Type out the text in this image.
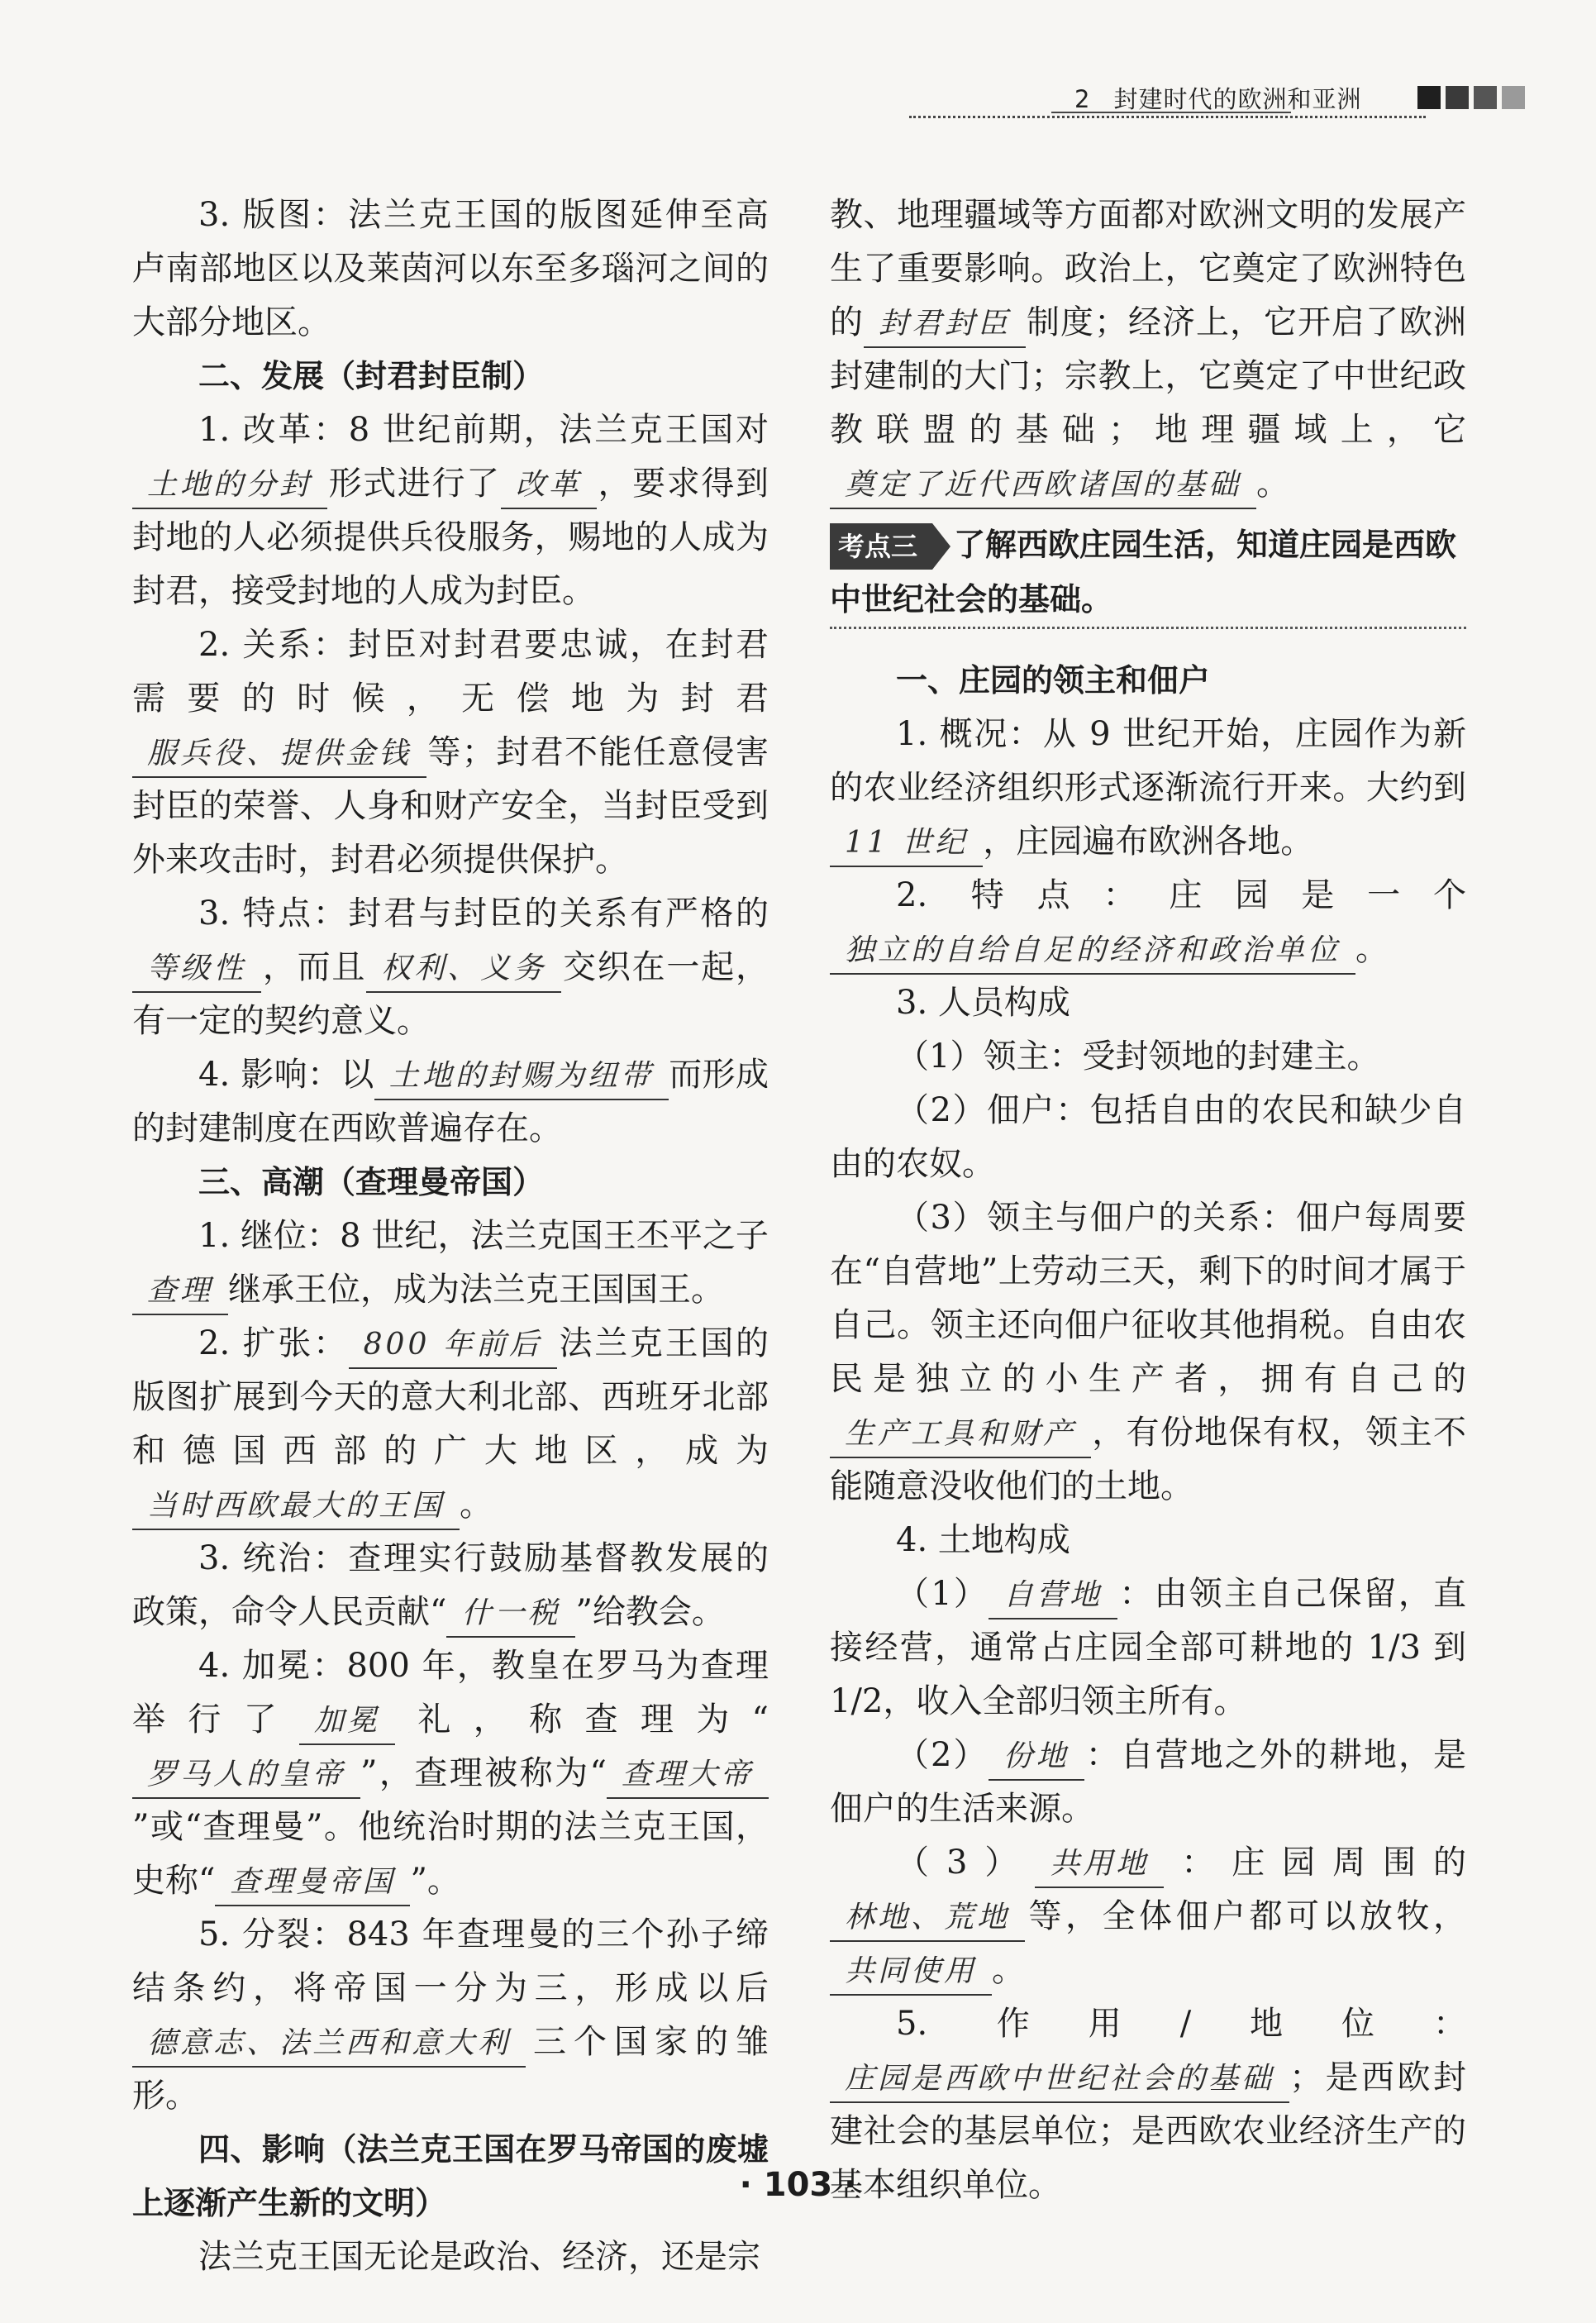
2 封建时代的欧洲和亚洲

3. 版图：法兰克王国的版图延伸至高卢南部地区以及莱茵河以东至多瑙河之间的大部分地区。

二、发展（封君封臣制）

1. 改革：8 世纪前期，法兰克王国对土地的分封 形式进行了 改革 ，要求得到封地的人必须提供兵役服务，赐地的人成为封君，接受封地的人成为封臣。

2. 关系：封臣对封君要忠诚，在封君需要的时候，无偿地为封君服兵役、提供金钱 等；封君不能任意侵害封臣的荣誉、人身和财产安全，当封臣受到外来攻击时，封君必须提供保护。

3. 特点：封君与封臣的关系有严格的等级性 ，而且 权利、义务 交织在一起，有一定的契约意义。

4. 影响：以 土地的封赐为纽带 而形成的封建制度在西欧普遍存在。

三、高潮（查理曼帝国）

1. 继位：8 世纪，法兰克国王丕平之子查理 继承王位，成为法兰克王国国王。

2. 扩张： 800 年前后 法兰克王国的版图扩展到今天的意大利北部、西班牙北部和德国西部的广大地区，成为当时西欧最大的王国 。

3. 统治：查理实行鼓励基督教发展的政策，命令人民贡献“ 什一税 ”给教会。

4. 加冕：800 年，教皇在罗马为查理举行了 加冕 礼，称查理为“罗马人的皇帝 ”，查理被称为“ 查理大帝”或“查理曼”。他统治时期的法兰克王国，史称“ 查理曼帝国 ”。

5. 分裂：843 年查理曼的三个孙子缔结条约，将帝国一分为三，形成以后德意志、法兰西和意大利 三个国家的雏形。

四、影响（法兰克王国在罗马帝国的废墟上逐渐产生新的文明）

法兰克王国无论是政治、经济，还是宗

教、地理疆域等方面都对欧洲文明的发展产生了重要影响。政治上，它奠定了欧洲特色的 封君封臣 制度；经济上，它开启了欧洲封建制的大门；宗教上，它奠定了中世纪政教联盟的基础；地理疆域上，它奠定了近代西欧诸国的基础 。

考点三 了解西欧庄园生活，知道庄园是西欧中世纪社会的基础。

一、庄园的领主和佃户

1. 概况：从 9 世纪开始，庄园作为新的农业经济组织形式逐渐流行开来。大约到11 世纪 ，庄园遍布欧洲各地。

2. 特点：庄园是一个独立的自给自足的经济和政治单位 。

3. 人员构成

（1）领主：受封领地的封建主。

（2）佃户：包括自由的农民和缺少自由的农奴。

（3）领主与佃户的关系：佃户每周要在“自营地”上劳动三天，剩下的时间才属于自己。领主还向佃户征收其他捐税。自由农民是独立的小生产者，拥有自己的生产工具和财产 ，有份地保有权，领主不能随意没收他们的土地。

4. 土地构成

（1） 自营地 ：由领主自己保留，直接经营，通常占庄园全部可耕地的 1/3 到 1/2，收入全部归领主所有。

（2） 份地 ：自营地之外的耕地，是佃户的生活来源。

（3） 共用地 ：庄园周围的林地、荒地 等，全体佃户都可以放牧，共同使用 。

5. 作用/地位：庄园是西欧中世纪社会的基础 ；是西欧封建社会的基层单位；是西欧农业经济生产的基本组织单位。

· 103 ·
